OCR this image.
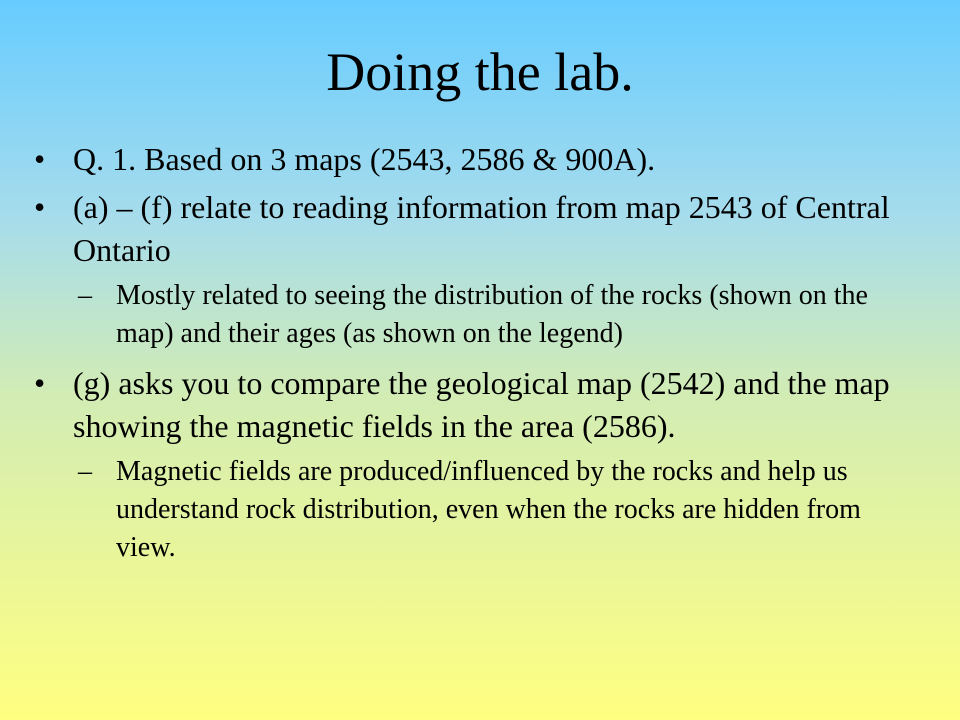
Doing the lab.
• Q. 1. Based on 3 maps (2543, 2586 & 900A).
• (a) – (f) relate to reading information from map 2543 of Central Ontario
– Mostly related to seeing the distribution of the rocks (shown on the map) and their ages (as shown on the legend)
• (g) asks you to compare the geological map (2542) and the map showing the magnetic fields in the area (2586).
– Magnetic fields are produced/influenced by the rocks and help us understand rock distribution, even when the rocks are hidden from view.
